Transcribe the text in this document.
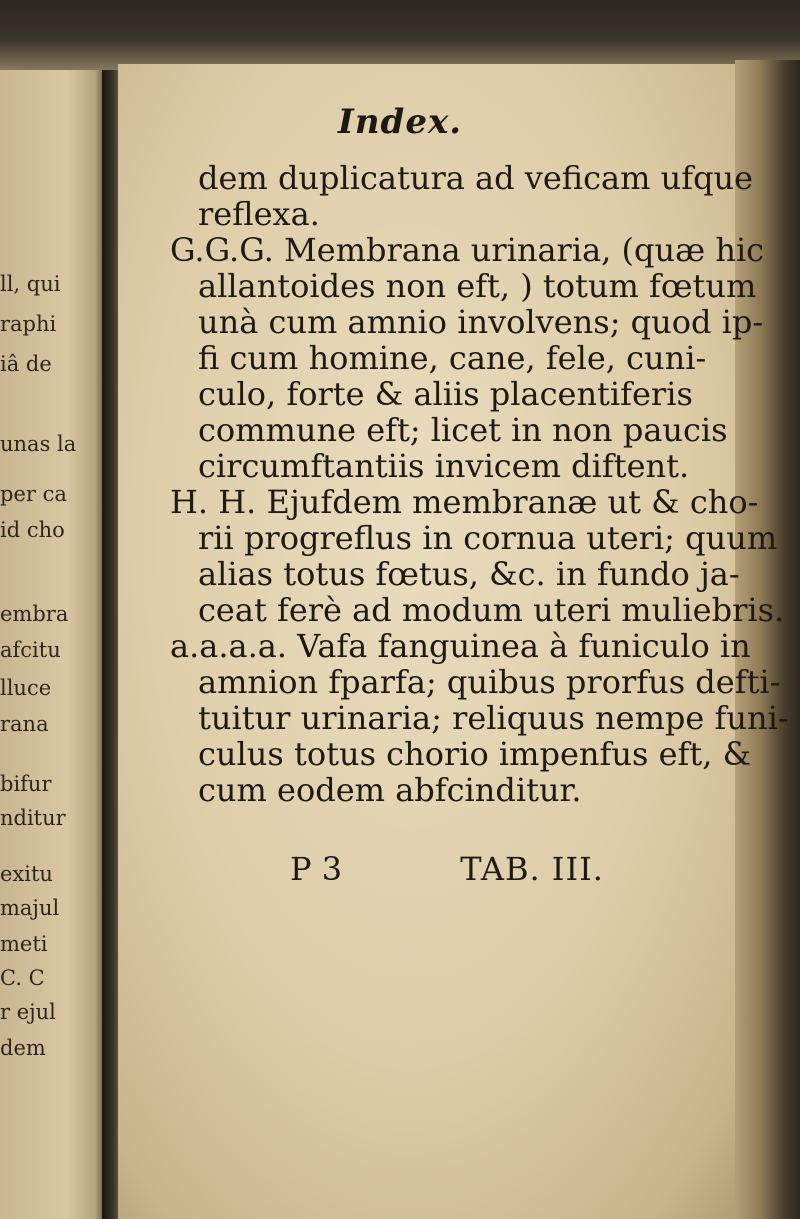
ll, qui
raphi
iâ de
unas la
per ca
id cho
embra
afcitu
lluce
rana
bifur
nditur
exitu
majul
meti
C. C
r ejul
dem
Index.
dem duplicatura ad veficam ufque
reflexa.
G.G.G. Membrana urinaria, (quæ hic
allantoides non eft, ) totum fœtum
unà cum amnio involvens; quod ip-
fi cum homine, cane, fele, cuni-
culo, forte & aliis placentiferis
commune eft; licet in non paucis
circumftantiis invicem diftent.
H. H. Ejufdem membranæ ut & cho-
rii progreflus in cornua uteri; quum
alias totus fœtus, &c. in fundo ja-
ceat ferè ad modum uteri muliebris.
a.a.a.a. Vafa fanguinea à funiculo in
amnion fparfa; quibus prorfus defti-
tuitur urinaria; reliquus nempe funi-
culus totus chorio impenfus eft, &
cum eodem abfcinditur.
P 3	TAB. III.
